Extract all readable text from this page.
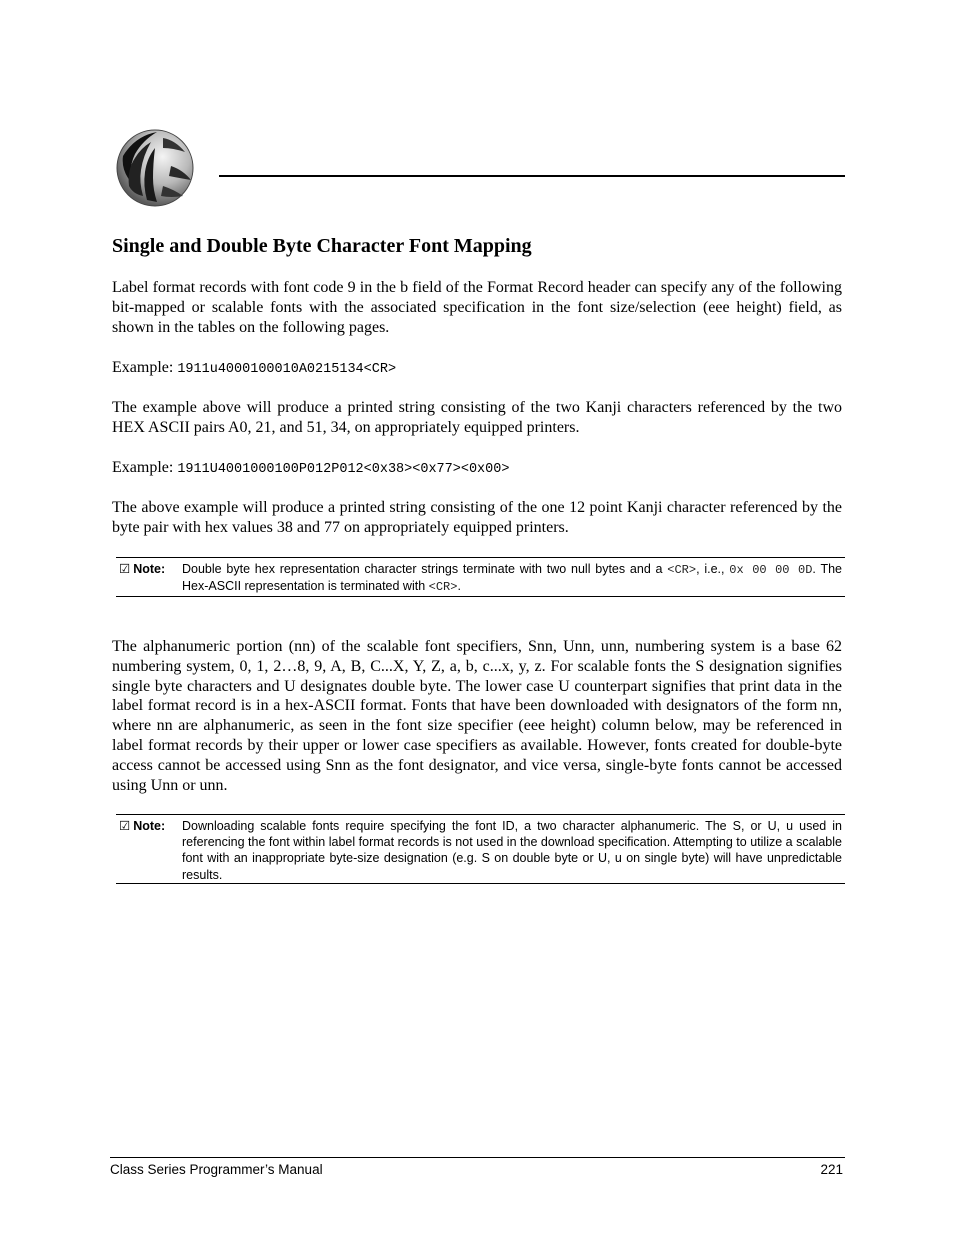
Single and Double Byte Character Font Mapping

Label format records with font code 9 in the b field of the Format Record header can specify any of the following bit-mapped or scalable fonts with the associated specification in the font size/selection (eee height) field, as shown in the tables on the following pages.

Example: 1911u4000100010A0215134<CR>

The example above will produce a printed string consisting of the two Kanji characters referenced by the two HEX ASCII pairs A0, 21, and 51, 34, on appropriately equipped printers.

Example: 1911U4001000100P012P012<0x38><0x77><0x00>

The above example will produce a printed string consisting of the one 12 point Kanji character referenced by the byte pair with hex values 38 and 77 on appropriately equipped printers.

☑ Note: Double byte hex representation character strings terminate with two null bytes and a <CR>, i.e., 0x 00 00 0D. The Hex-ASCII representation is terminated with <CR>.

The alphanumeric portion (nn) of the scalable font specifiers, Snn, Unn, unn, numbering system is a base 62 numbering system, 0, 1, 2…8, 9, A, B, C...X, Y, Z, a, b, c...x, y, z. For scalable fonts the S designation signifies single byte characters and U designates double byte. The lower case U counterpart signifies that print data in the label format record is in a hex-ASCII format. Fonts that have been downloaded with designators of the form nn, where nn are alphanumeric, as seen in the font size specifier (eee height) column below, may be referenced in label format records by their upper or lower case specifiers as available. However, fonts created for double-byte access cannot be accessed using Snn as the font designator, and vice versa, single-byte fonts cannot be accessed using Unn or unn.

☑ Note: Downloading scalable fonts require specifying the font ID, a two character alphanumeric. The S, or U, u used in referencing the font within label format records is not used in the download specification. Attempting to utilize a scalable font with an inappropriate byte-size designation (e.g. S on double byte or U, u on single byte) will have unpredictable results.
Class Series Programmer’s Manual	221
